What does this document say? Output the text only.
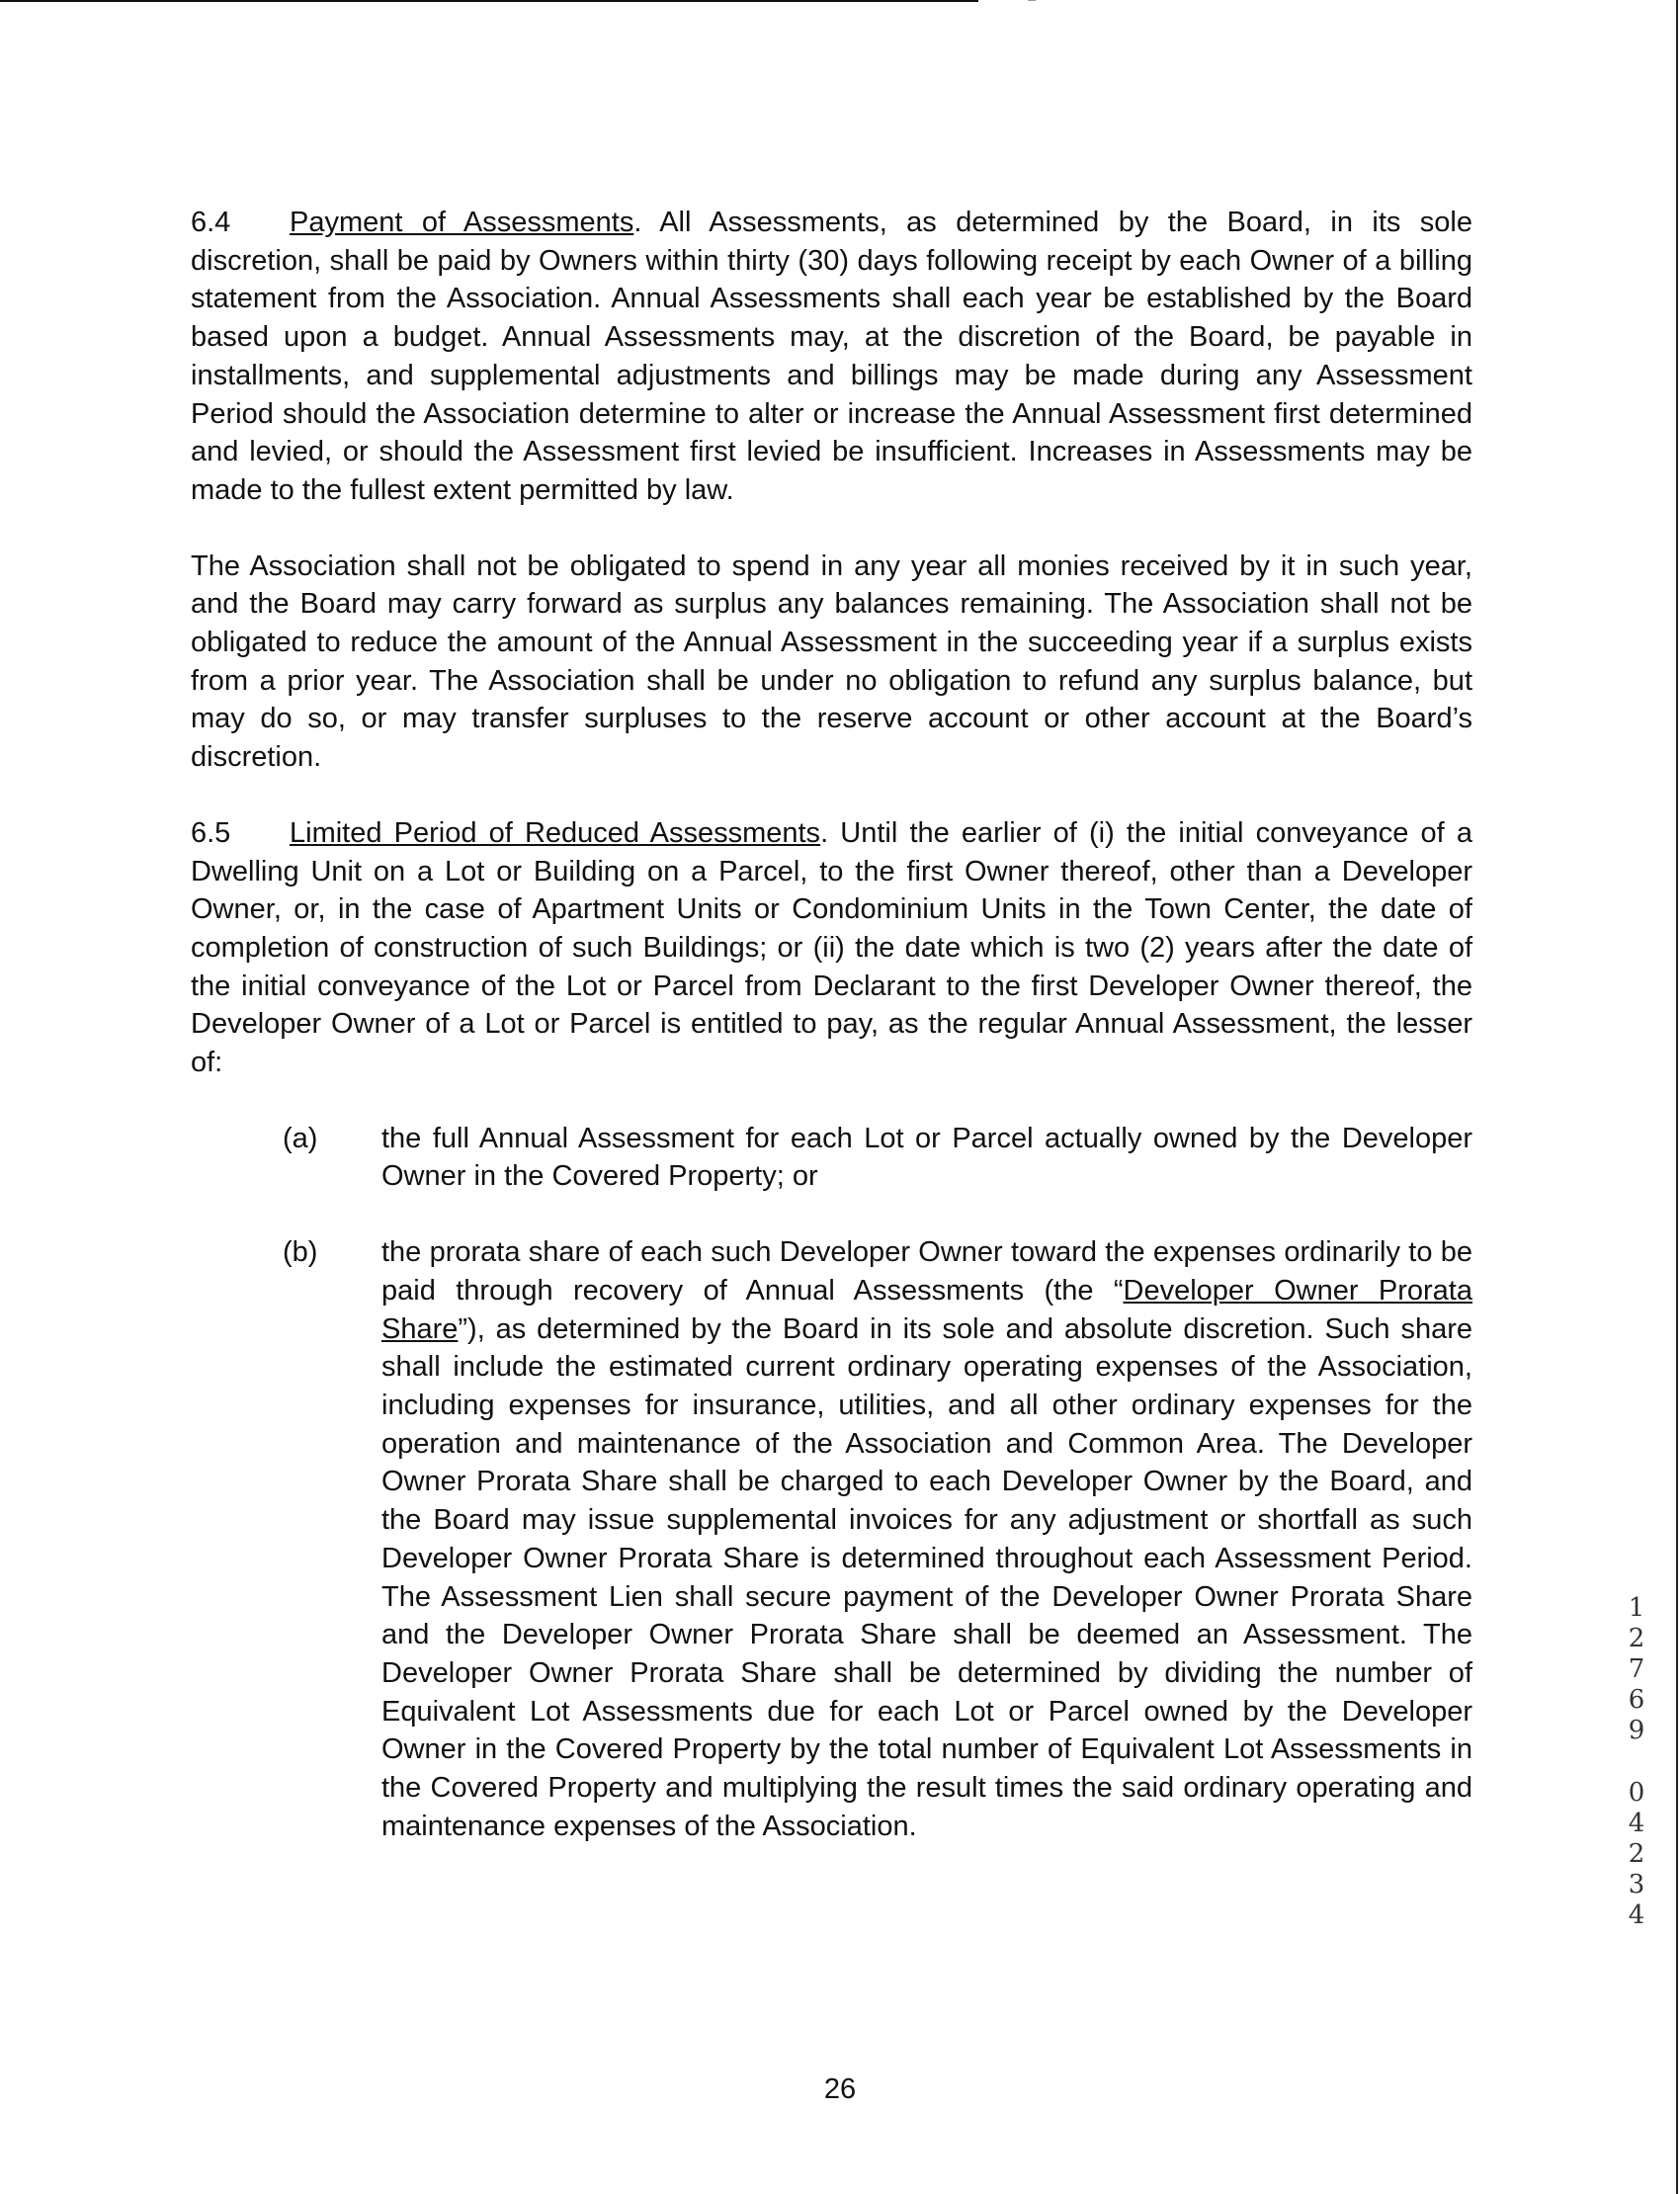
6.4 Payment of Assessments. All Assessments, as determined by the Board, in its sole discretion, shall be paid by Owners within thirty (30) days following receipt by each Owner of a billing statement from the Association. Annual Assessments shall each year be established by the Board based upon a budget. Annual Assessments may, at the discretion of the Board, be payable in installments, and supplemental adjustments and billings may be made during any Assessment Period should the Association determine to alter or increase the Annual Assessment first determined and levied, or should the Assessment first levied be insufficient. Increases in Assessments may be made to the fullest extent permitted by law.

The Association shall not be obligated to spend in any year all monies received by it in such year, and the Board may carry forward as surplus any balances remaining. The Association shall not be obligated to reduce the amount of the Annual Assessment in the succeeding year if a surplus exists from a prior year. The Association shall be under no obligation to refund any surplus balance, but may do so, or may transfer surpluses to the reserve account or other account at the Board’s discretion.

6.5 Limited Period of Reduced Assessments. Until the earlier of (i) the initial conveyance of a Dwelling Unit on a Lot or Building on a Parcel, to the first Owner thereof, other than a Developer Owner, or, in the case of Apartment Units or Condominium Units in the Town Center, the date of completion of construction of such Buildings; or (ii) the date which is two (2) years after the date of the initial conveyance of the Lot or Parcel from Declarant to the first Developer Owner thereof, the Developer Owner of a Lot or Parcel is entitled to pay, as the regular Annual Assessment, the lesser of:

(a)	the full Annual Assessment for each Lot or Parcel actually owned by the Developer Owner in the Covered Property; or
(b)	the prorata share of each such Developer Owner toward the expenses ordinarily to be paid through recovery of Annual Assessments (the “Developer Owner Prorata Share”), as determined by the Board in its sole and absolute discretion. Such share shall include the estimated current ordinary operating expenses of the Association, including expenses for insurance, utilities, and all other ordinary expenses for the operation and maintenance of the Association and Common Area. The Developer Owner Prorata Share shall be charged to each Developer Owner by the Board, and the Board may issue supplemental invoices for any adjustment or shortfall as such Developer Owner Prorata Share is determined throughout each Assessment Period. The Assessment Lien shall secure payment of the Developer Owner Prorata Share and the Developer Owner Prorata Share shall be deemed an Assessment. The Developer Owner Prorata Share shall be determined by dividing the number of Equivalent Lot Assessments due for each Lot or Parcel owned by the Developer Owner in the Covered Property by the total number of Equivalent Lot Assessments in the Covered Property and multiplying the result times the said ordinary operating and maintenance expenses of the Association.
1
2
7
6
9
0
4
2
3
4
26
